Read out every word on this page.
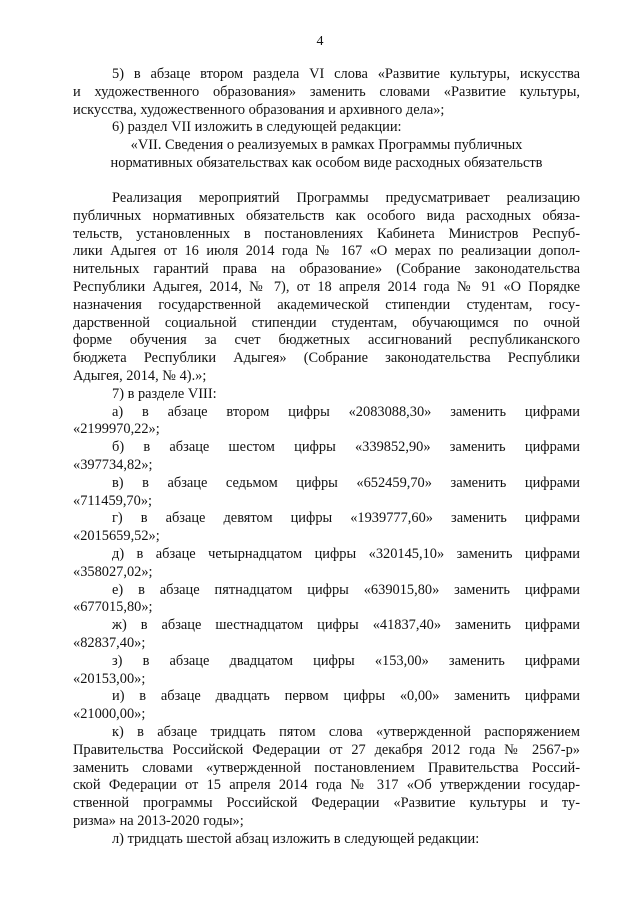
4
5) в абзаце втором раздела VI слова «Развитие культуры, искусства
и художественного образования» заменить словами «Развитие культуры,
искусства, художественного образования и архивного дела»;
6) раздел VII изложить в следующей редакции:
«VII. Сведения о реализуемых в рамках Программы публичных
нормативных обязательствах как особом виде расходных обязательств
Реализация мероприятий Программы предусматривает реализацию
публичных нормативных обязательств как особого вида расходных обяза-
тельств, установленных в постановлениях Кабинета Министров Респуб-
лики Адыгея от 16 июля 2014 года № 167 «О мерах по реализации допол-
нительных гарантий права на образование» (Собрание законодательства
Республики Адыгея, 2014, № 7), от 18 апреля 2014 года № 91 «О Порядке
назначения государственной академической стипендии студентам, госу-
дарственной социальной стипендии студентам, обучающимся по очной
форме обучения за счет бюджетных ассигнований республиканского
бюджета Республики Адыгея» (Собрание законодательства Республики
Адыгея, 2014, № 4).»;
7) в разделе VIII:
а) в абзаце втором цифры «2083088,30» заменить цифрами
«2199970,22»;
б) в абзаце шестом цифры «339852,90» заменить цифрами
«397734,82»;
в) в абзаце седьмом цифры «652459,70» заменить цифрами
«711459,70»;
г) в абзаце девятом цифры «1939777,60» заменить цифрами
«2015659,52»;
д) в абзаце четырнадцатом цифры «320145,10» заменить цифрами
«358027,02»;
е) в абзаце пятнадцатом цифры «639015,80» заменить цифрами
«677015,80»;
ж) в абзаце шестнадцатом цифры «41837,40» заменить цифрами
«82837,40»;
з) в абзаце двадцатом цифры «153,00» заменить цифрами
«20153,00»;
и) в абзаце двадцать первом цифры «0,00» заменить цифрами
«21000,00»;
к) в абзаце тридцать пятом слова «утвержденной распоряжением
Правительства Российской Федерации от 27 декабря 2012 года № 2567-р»
заменить словами «утвержденной постановлением Правительства Россий-
ской Федерации от 15 апреля 2014 года № 317 «Об утверждении государ-
ственной программы Российской Федерации «Развитие культуры и ту-
ризма» на 2013-2020 годы»;
л) тридцать шестой абзац изложить в следующей редакции:
